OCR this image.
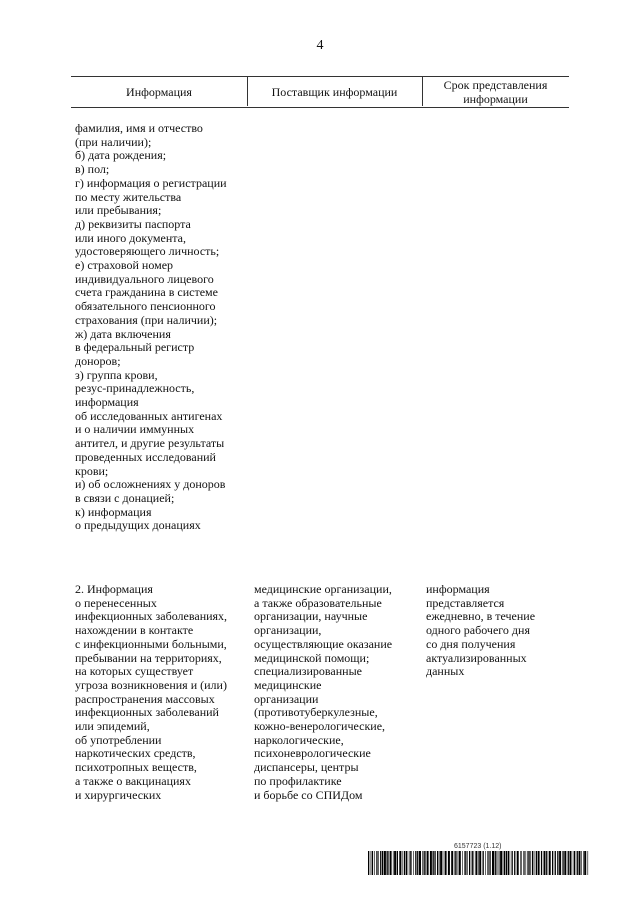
4
Информация	Поставщик информации	Срок представления
информации
фамилия, имя и отчество
(при наличии);
б) дата рождения;
в) пол;
г) информация о регистрации
по месту жительства
или пребывания;
д) реквизиты паспорта
или иного документа,
удостоверяющего личность;
е) страховой номер
индивидуального лицевого
счета гражданина в системе
обязательного пенсионного
страхования (при наличии);
ж) дата включения
в федеральный регистр
доноров;
з) группа крови,
резус-принадлежность,
информация
об исследованных антигенах
и о наличии иммунных
антител, и другие результаты
проведенных исследований
крови;
и) об осложнениях у доноров
в связи с донацией;
к) информация
о предыдущих донациях
2. Информация
о перенесенных
инфекционных заболеваниях,
нахождении в контакте
с инфекционными больными,
пребывании на территориях,
на которых существует
угроза возникновения и (или)
распространения массовых
инфекционных заболеваний
или эпидемий,
об употреблении
наркотических средств,
психотропных веществ,
а также о вакцинациях
и хирургических
медицинские организации,
а также образовательные
организации, научные
организации,
осуществляющие оказание
медицинской помощи;
специализированные
медицинские
организации
(противотуберкулезные,
кожно-венерологические,
наркологические,
психоневрологические
диспансеры, центры
по профилактике
и борьбе со СПИДом
информация
представляется
ежедневно, в течение
одного рабочего дня
со дня получения
актуализированных
данных
6157723 (1.12)
